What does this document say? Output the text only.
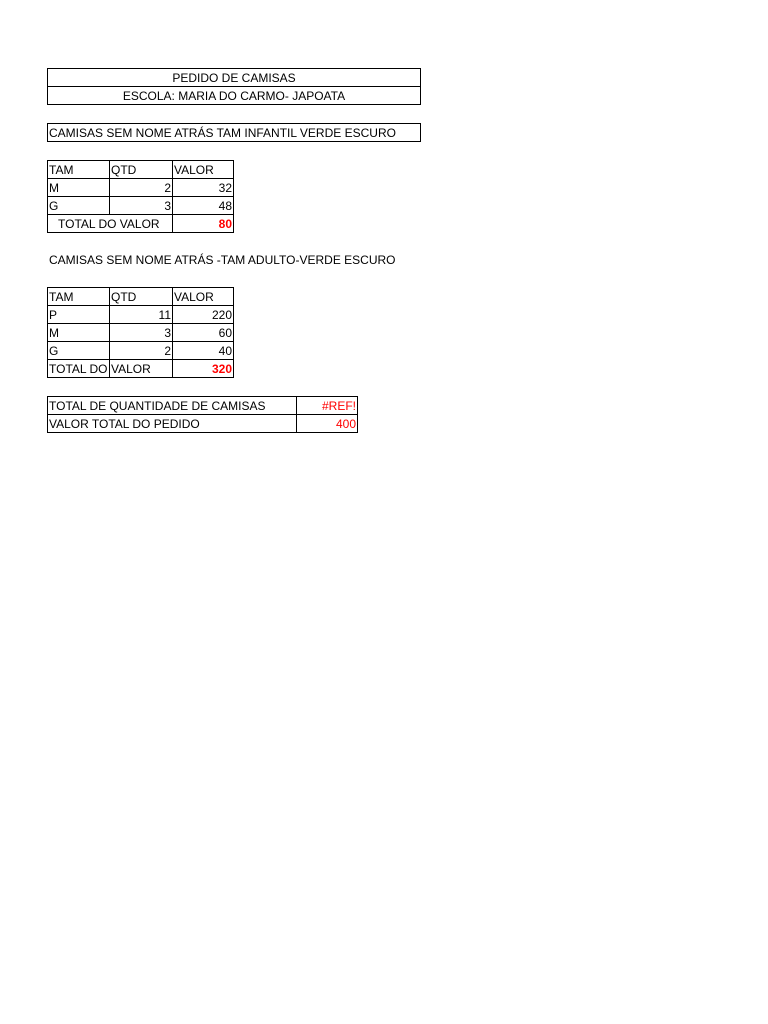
PEDIDO DE CAMISAS
ESCOLA: MARIA DO CARMO- JAPOATA
CAMISAS SEM NOME ATRÁS TAM INFANTIL VERDE ESCURO
TAM	QTD	VALOR
M	2	32
G	3	48
TOTAL DO VALOR	80
CAMISAS SEM NOME ATRÁS -TAM ADULTO-VERDE ESCURO
TAM	QTD	VALOR
P	11	220
M	3	60
G	2	40
TOTAL DO VALOR	320
TOTAL DE QUANTIDADE DE CAMISAS	#REF!
VALOR TOTAL DO PEDIDO	400
